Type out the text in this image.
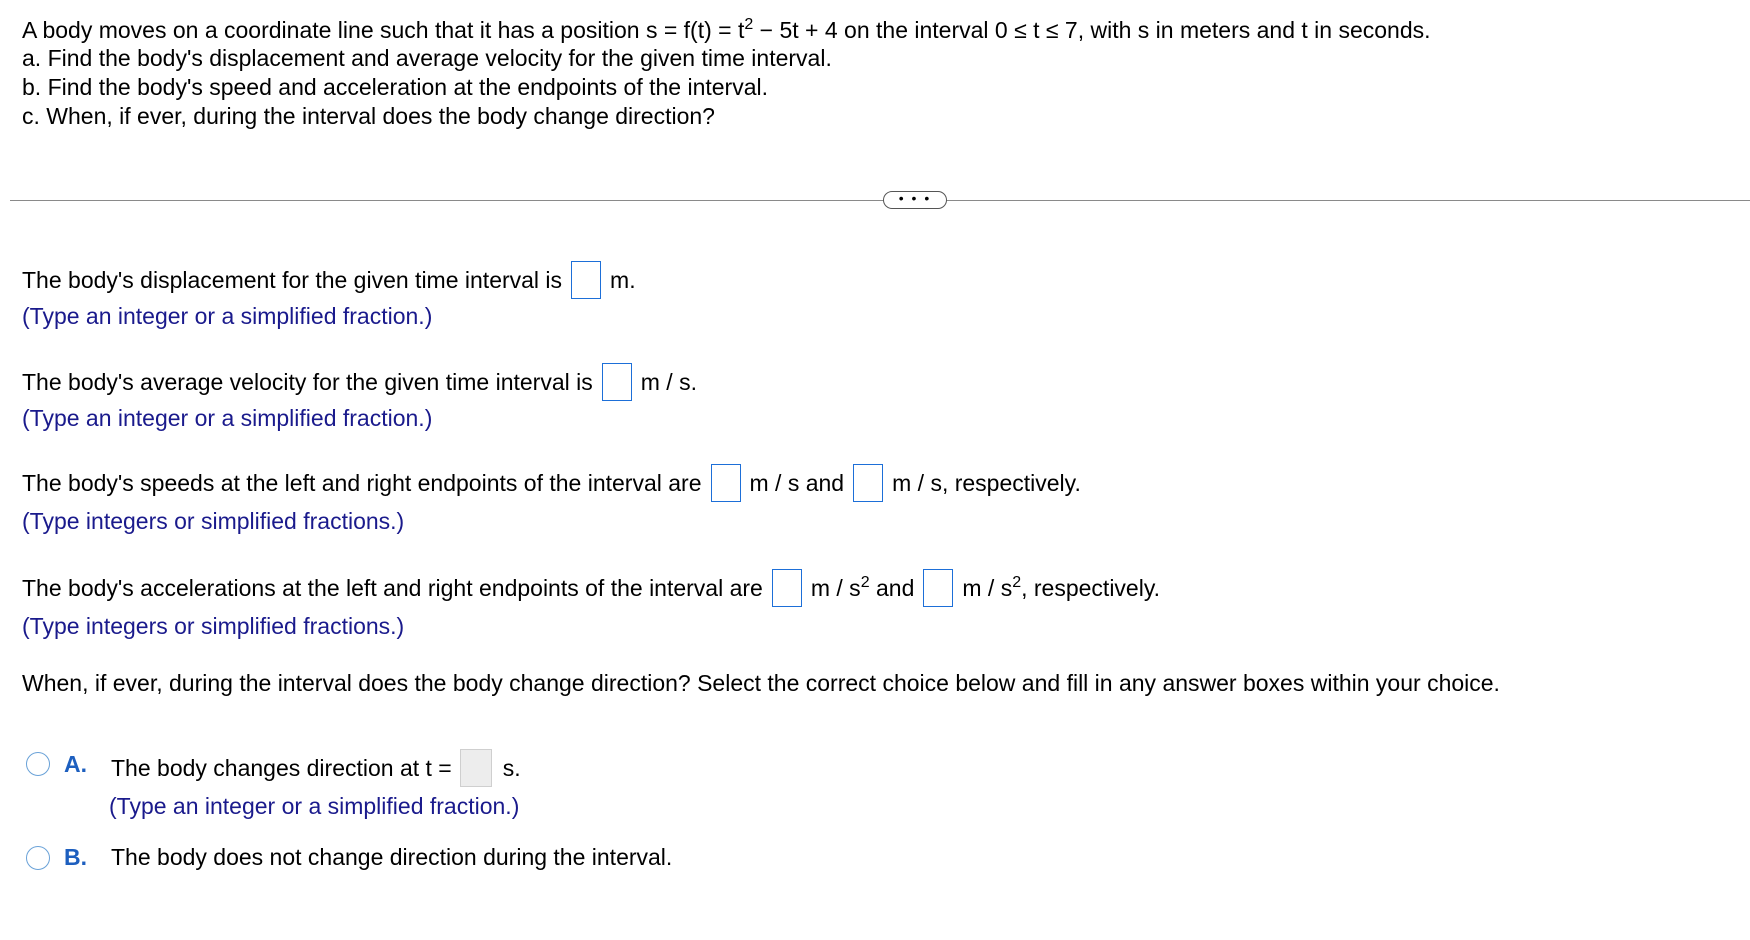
A body moves on a coordinate line such that it has a position $s = f(t) = t^2 - 5t + 4$ on the interval 0 ≤ t ≤ 7, with s in meters and t in seconds.
a. Find the body's displacement and average velocity for the given time interval.
b. Find the body's speed and acceleration at the endpoints of the interval.
c. When, if ever, during the interval does the body change direction?
• • •
The body's displacement for the given time interval is m.
(Type an integer or a simplified fraction.)
The body's average velocity for the given time interval is m / s.
(Type an integer or a simplified fraction.)
The body's speeds at the left and right endpoints of the interval are m / s and m / s, respectively.
(Type integers or simplified fractions.)
The body's accelerations at the left and right endpoints of the interval are m / $s^2$ and m / $s^2$, respectively.
(Type integers or simplified fractions.)
When, if ever, during the interval does the body change direction? Select the correct choice below and fill in any answer boxes within your choice.
A. The body changes direction at t = s.
(Type an integer or a simplified fraction.)
B. The body does not change direction during the interval.
